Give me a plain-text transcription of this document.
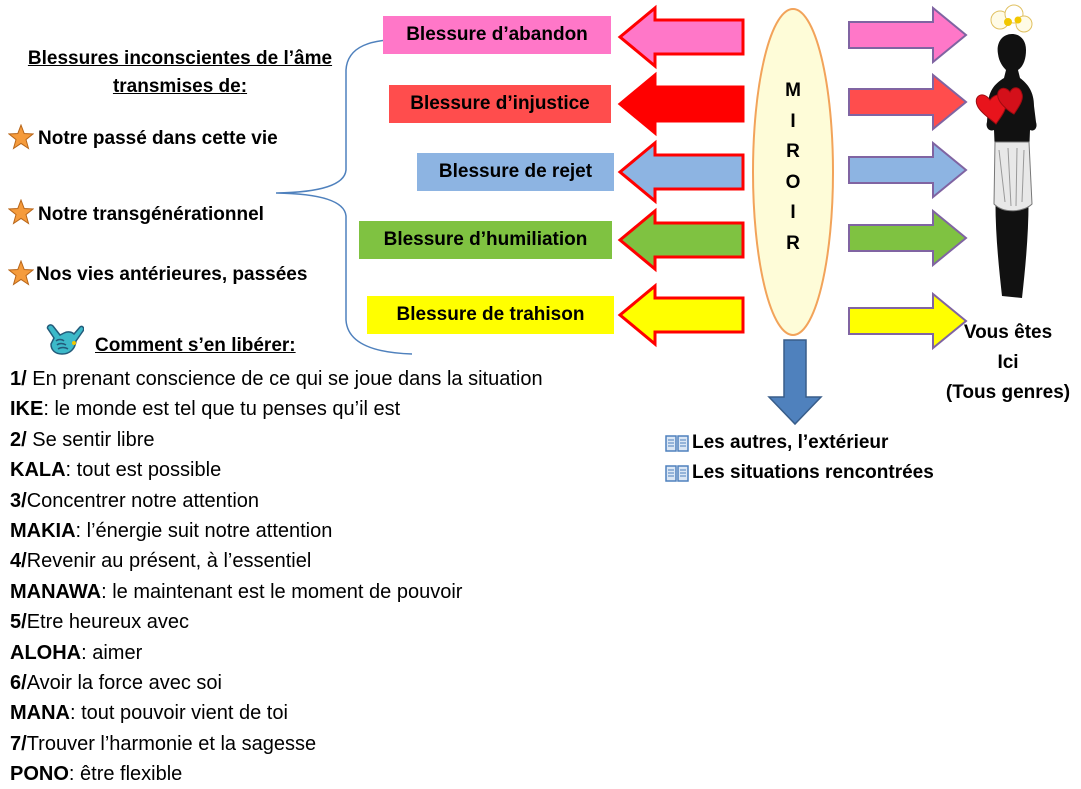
Blessures inconscientes de l’âme
transmises de:
Notre passé dans cette vie
Notre transgénérationnel
Nos vies antérieures, passées
Blessure d’abandon
Blessure d’injustice
Blessure de rejet
Blessure d’humiliation
Blessure de trahison
M
I
R
O
I
R
Les autres, l’extérieur
Les situations rencontrées
Vous êtes
Ici
(Tous genres)
Comment s’en libérer:
1/ En prenant conscience de ce qui se joue dans la situation
IKE: le monde est tel que tu penses qu’il est
2/ Se sentir libre
KALA: tout est possible
3/Concentrer notre attention
MAKIA: l’énergie suit notre attention
4/Revenir au présent, à l’essentiel
MANAWA: le maintenant est le moment de pouvoir
5/Etre heureux avec
ALOHA: aimer
6/Avoir la force avec soi
MANA: tout pouvoir vient de toi
7/Trouver l’harmonie et la sagesse
PONO: être flexible
